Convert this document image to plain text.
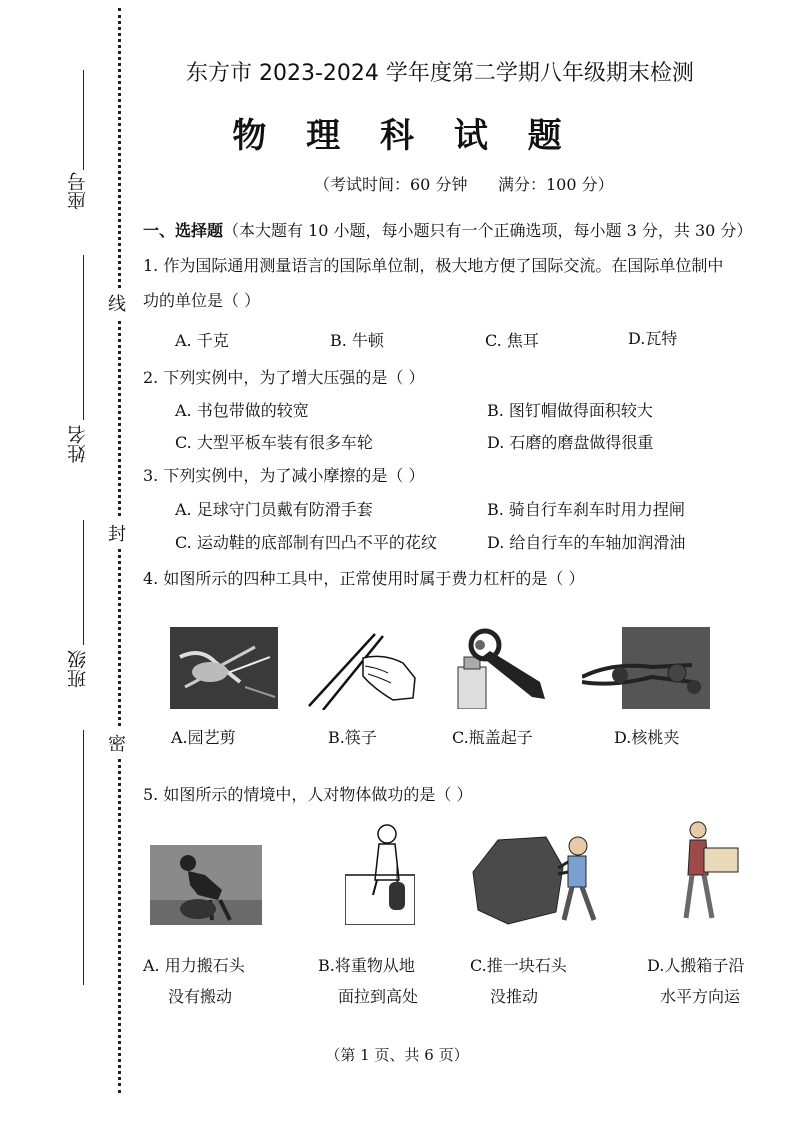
座号
姓名
班级
线
封
密
东方市 2023-2024 学年度第二学期八年级期末检测
物 理 科 试 题
（考试时间：60 分钟      满分：100 分）
一、选择题（本大题有 10 小题，每小题只有一个正确选项，每小题 3 分，共 30 分）
1. 作为国际通用测量语言的国际单位制，极大地方便了国际交流。在国际单位制中
功的单位是（ ）
A. 千克	B. 牛顿	C. 焦耳	D.瓦特
2. 下列实例中，为了增大压强的是（ ）
A. 书包带做的较宽	B. 图钉帽做得面积较大
C. 大型平板车装有很多车轮	D. 石磨的磨盘做得很重
3. 下列实例中，为了减小摩擦的是（ ）
A. 足球守门员戴有防滑手套	B. 骑自行车刹车时用力捏闸
C. 运动鞋的底部制有凹凸不平的花纹	D. 给自行车的车轴加润滑油
4. 如图所示的四种工具中，正常使用时属于费力杠杆的是（ ）
A.园艺剪	B.筷子	C.瓶盖起子	D.核桃夹
5. 如图所示的情境中，人对物体做功的是（ ）
A. 用力搬石头
没有搬动
B.将重物从地
面拉到高处
C.推一块石头
没推动
D.人搬箱子沿
水平方向运
（第 1 页、共 6 页）
